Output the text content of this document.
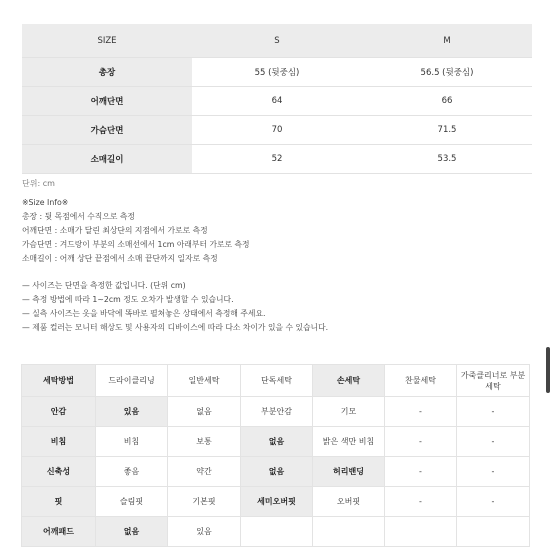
SIZE	S	M
총장	55 (뒷중심)	56.5 (뒷중심)
어깨단면	64	66
가슴단면	70	71.5
소매길이	52	53.5
단위: cm
※Size Info※
총장 : 뒷 목점에서 수직으로 측정
어깨단면 : 소매가 달린 최상단의 지점에서 가로로 측정
가슴단면 : 겨드랑이 부분의 소매선에서 1cm 아래부터 가로로 측정
소매길이 : 어깨 상단 끝점에서 소매 끝단까지 일자로 측정
— 사이즈는 단면을 측정한 값입니다. (단위 cm)
— 측정 방법에 따라 1~2cm 정도 오차가 발생할 수 있습니다.
— 실측 사이즈는 옷을 바닥에 똑바로 펼쳐놓은 상태에서 측정해 주세요.
— 제품 컬러는 모니터 해상도 및 사용자의 디바이스에 따라 다소 차이가 있을 수 있습니다.
세탁방법	드라이클리닝	일반세탁	단독세탁	손세탁	찬물세탁	가죽클리너로 부분세탁
안감	있음	없음	부분안감	기모	-	-
비침	비침	보통	없음	밝은 색만 비침	-	-
신축성	좋음	약간	없음	허리밴딩	-	-
핏	슬림핏	기본핏	세미오버핏	오버핏	-	-
어깨패드	없음	있음				
